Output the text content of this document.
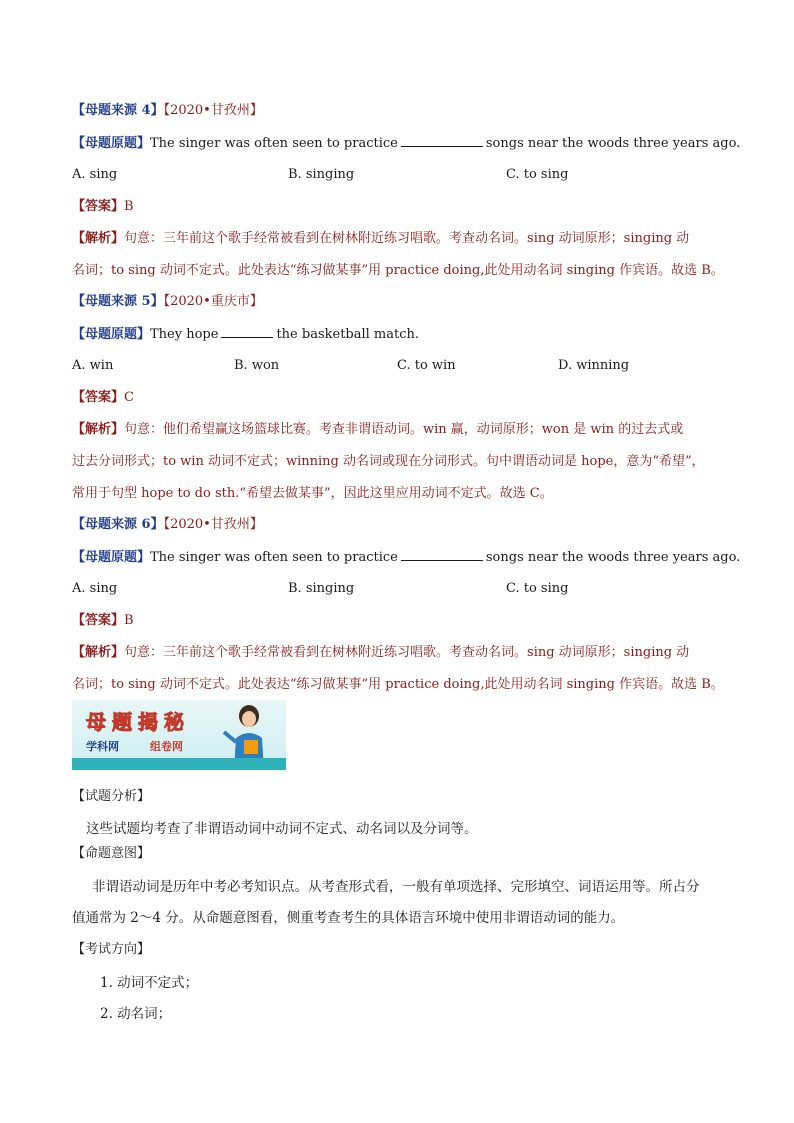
【母题来源 4】【2020•甘孜州】
【母题原题】The singer was often seen to practice	songs near the woods three years ago.
A. sing	B. singing	C. to sing
【答案】B
【解析】句意：三年前这个歌手经常被看到在树林附近练习唱歌。考查动名词。sing 动词原形；singing 动
名词；to sing 动词不定式。此处表达“练习做某事”用 practice doing,此处用动名词 singing 作宾语。故选 B。
【母题来源 5】【2020•重庆市】
【母题原题】They hope	the basketball match.
A. win	B. won	C. to win	D. winning
【答案】C
【解析】句意：他们希望赢这场篮球比赛。考查非谓语动词。win 赢，动词原形；won 是 win 的过去式或
过去分词形式；to win 动词不定式；winning 动名词或现在分词形式。句中谓语动词是 hope，意为“希望”，
常用于句型 hope to do sth.“希望去做某事”，因此这里应用动词不定式。故选 C。
【母题来源 6】【2020•甘孜州】
【母题原题】The singer was often seen to practice	songs near the woods three years ago.
A. sing	B. singing	C. to sing
【答案】B
【解析】句意：三年前这个歌手经常被看到在树林附近练习唱歌。考查动名词。sing 动词原形；singing 动
名词；to sing 动词不定式。此处表达“练习做某事”用 practice doing,此处用动名词 singing 作宾语。故选 B。
母题揭秘
学科网	组卷网
【试题分析】
这些试题均考查了非谓语动词中动词不定式、动名词以及分词等。
【命题意图】
非谓语动词是历年中考必考知识点。从考查形式看，一般有单项选择、完形填空、词语运用等。所占分
值通常为 2～4 分。从命题意图看，侧重考查考生的具体语言环境中使用非谓语动词的能力。
【考试方向】
1. 动词不定式；
2. 动名词；
